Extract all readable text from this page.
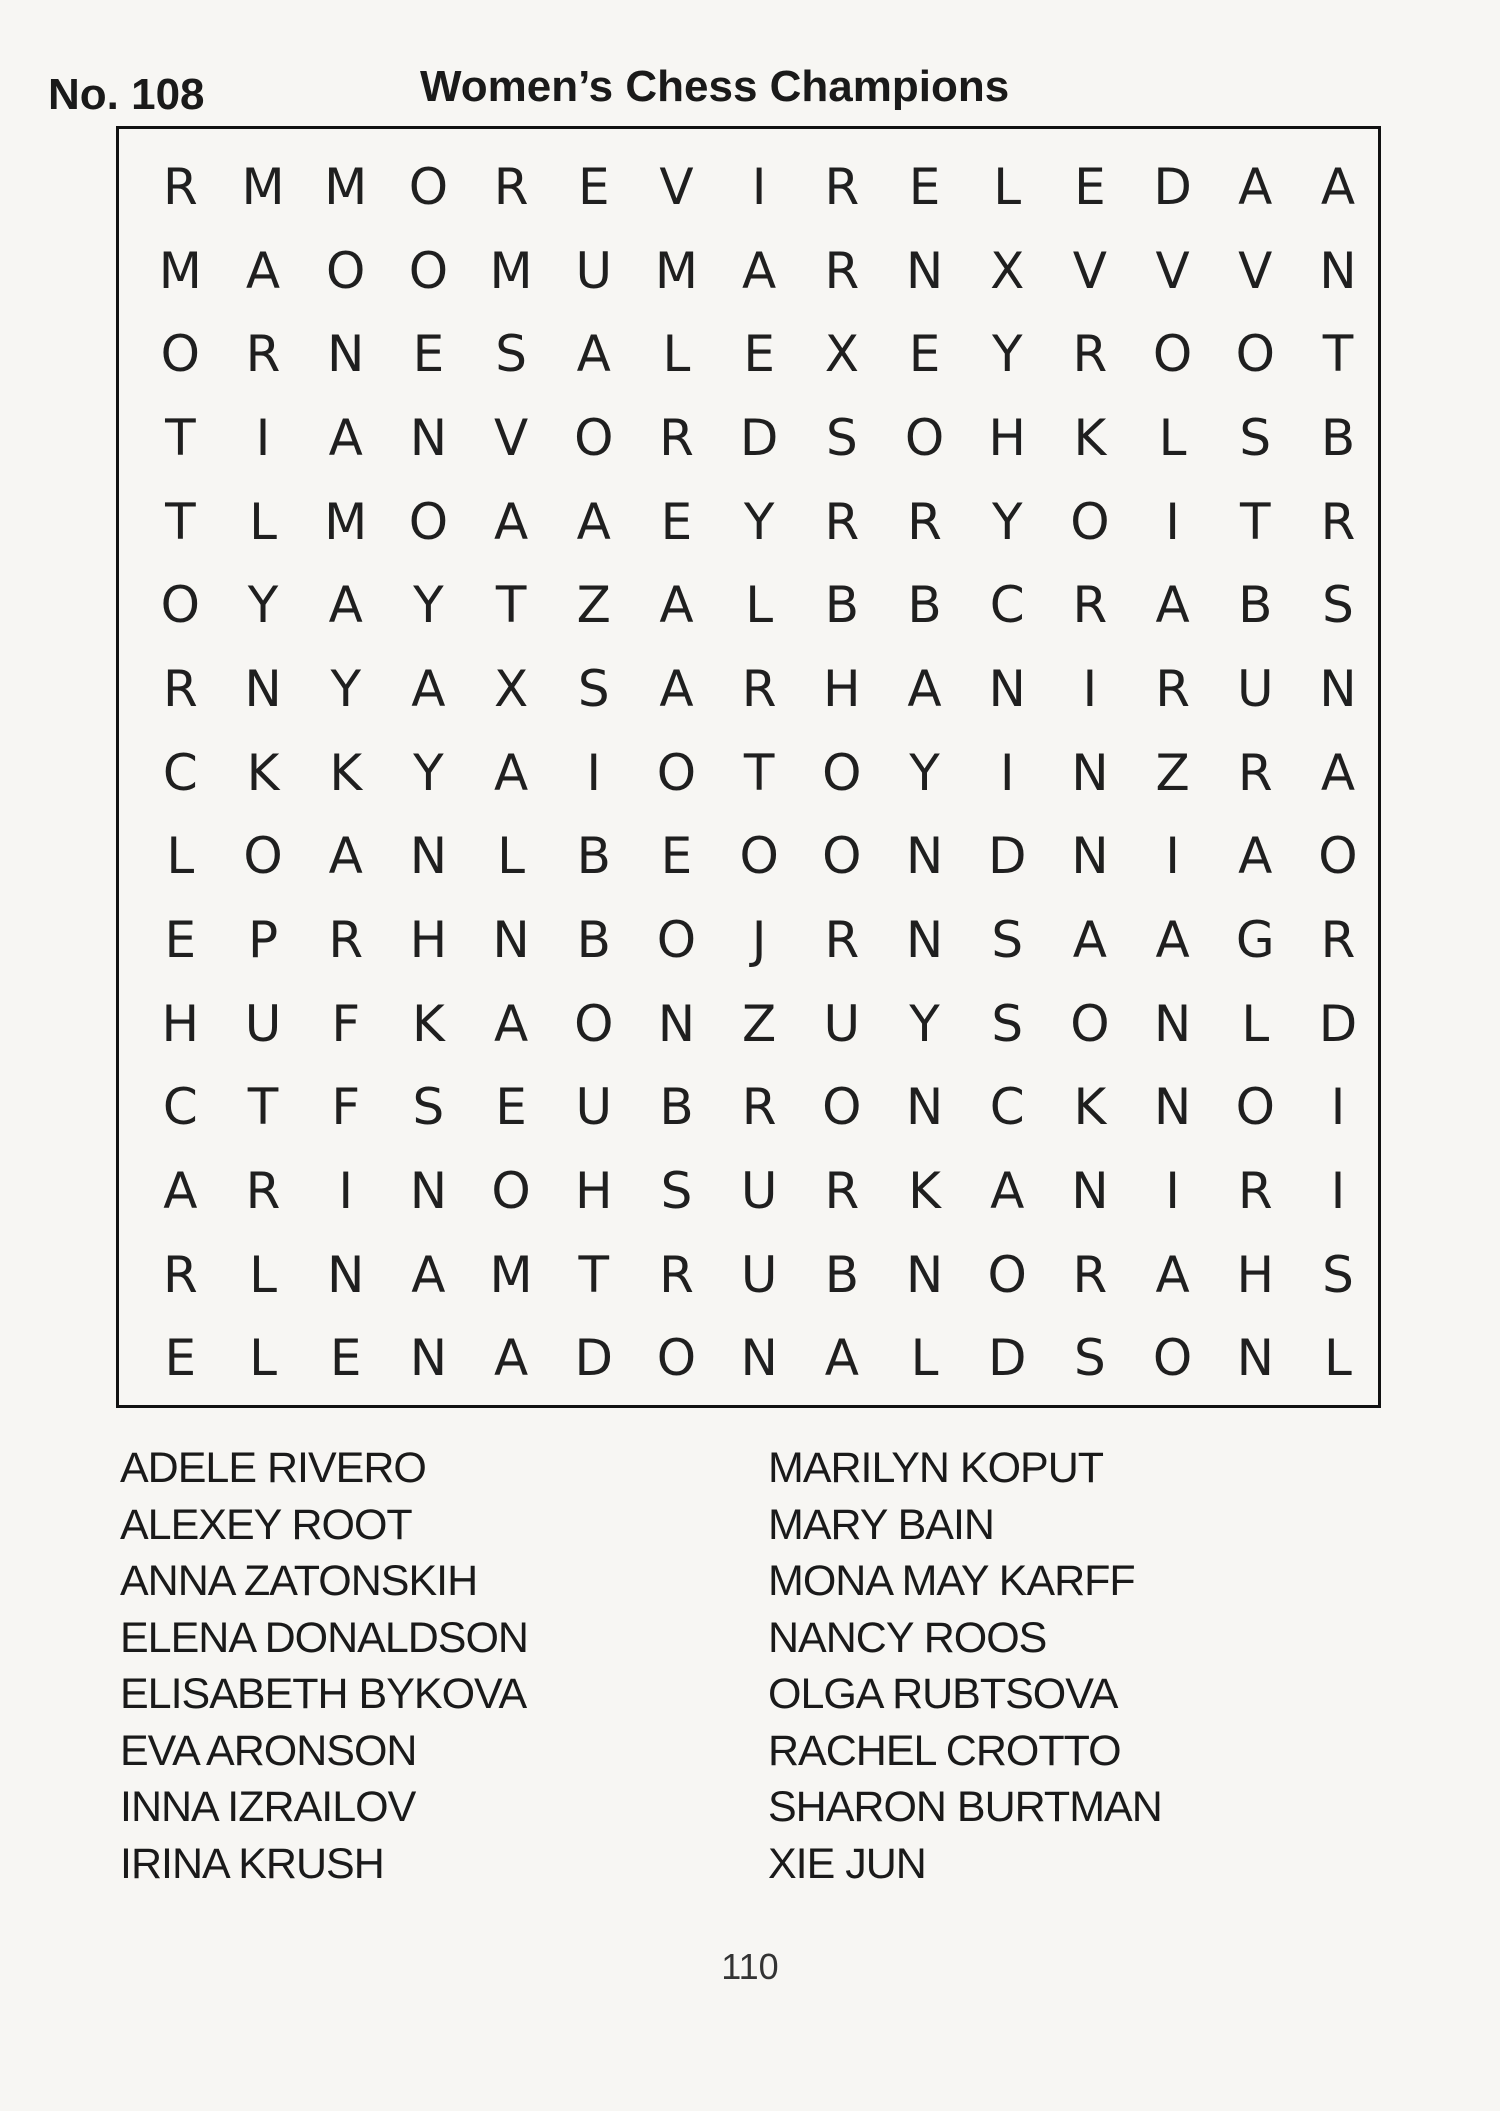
No. 108	Women’s Chess Champions
R M M O R E V	I	R E	L	E D A A
M A O O M U M A R N X V V V N
O R N E	S A	L	E X E	Y	R O O T
T	I	A N V O R D S O H K	L	S B
T	L M O A A E	Y	R R	Y O	I	T	R
O Y	A	Y	T	Z A	L	B B C R A B S
R N Y	A X S A R H A N	I	R U N
C K K	Y	A	I	O T O Y	I	N Z R A
L O A N	L	B E O O N D N	I	A O
E	P	R H N B O	J	R N S A A G R
H U	F	K A O N Z U Y	S O N	L D
C T	F	S	E U B R O N C K N O	I
A R	I	N O H S U R K A N	I	R	I
R	L	N A M T	R U B N O R A H S
E	L	E N A D O N A	L D S O N	L
ADELE RIVERO
ALEXEY ROOT
ANNA ZATONSKIH
ELENA DONALDSON
ELISABETH BYKOVA
EVA ARONSON
INNA IZRAILOV
IRINA KRUSH
MARILYN KOPUT
MARY BAIN
MONA MAY KARFF
NANCY ROOS
OLGA RUBTSOVA
RACHEL CROTTO
SHARON BURTMAN
XIE JUN
110
